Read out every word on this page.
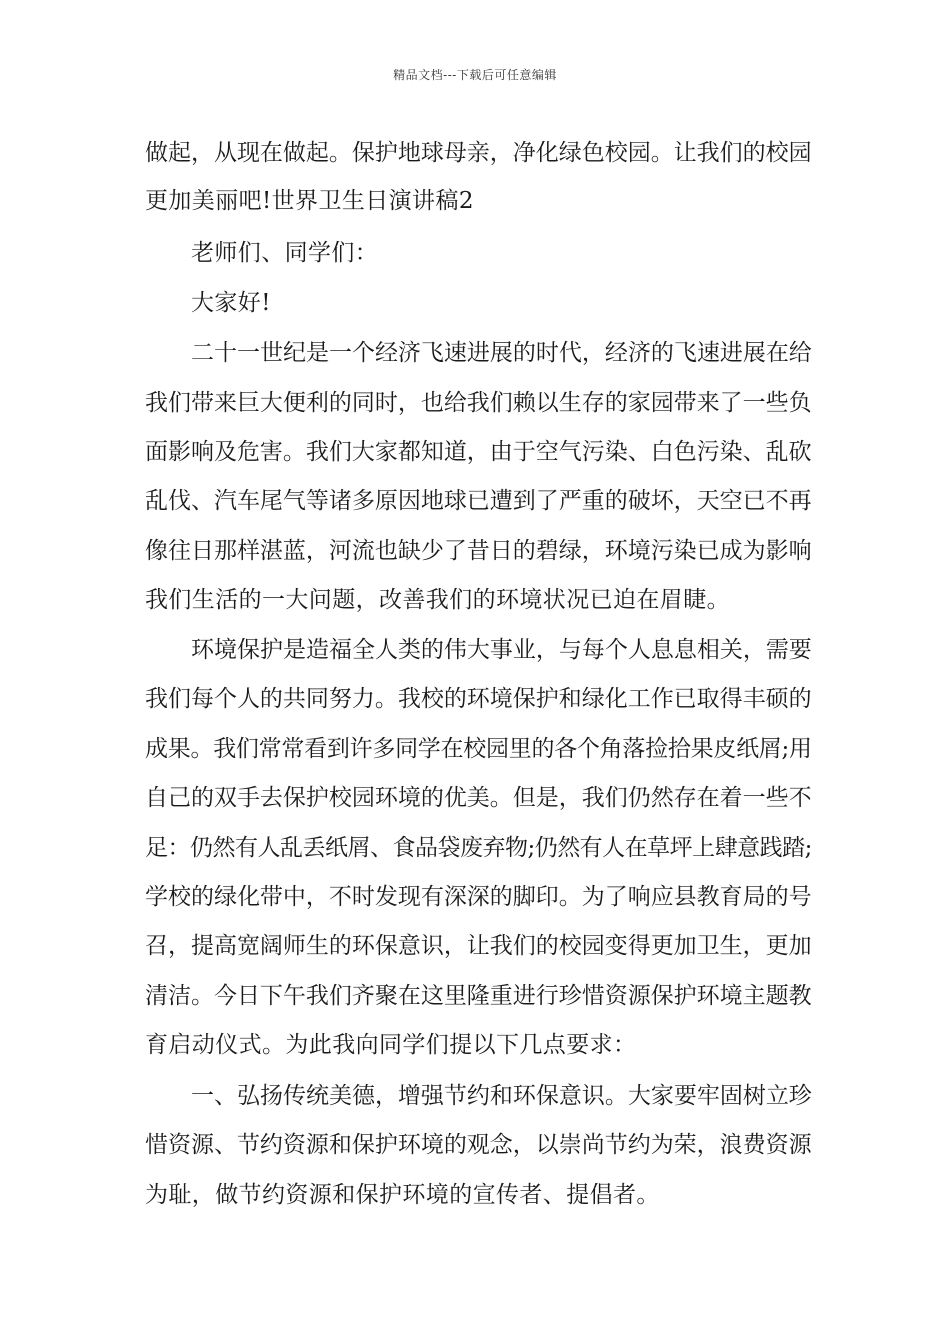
精品文档---下载后可任意编辑
做起，从现在做起。保护地球母亲，净化绿色校园。让我们的校园
更加美丽吧!世界卫生日演讲稿2
老师们、同学们：
大家好!
二十一世纪是一个经济飞速进展的时代，经济的飞速进展在给
我们带来巨大便利的同时，也给我们赖以生存的家园带来了一些负
面影响及危害。我们大家都知道，由于空气污染、白色污染、乱砍
乱伐、汽车尾气等诸多原因地球已遭到了严重的破坏，天空已不再
像往日那样湛蓝，河流也缺少了昔日的碧绿，环境污染已成为影响
我们生活的一大问题，改善我们的环境状况已迫在眉睫。
环境保护是造福全人类的伟大事业，与每个人息息相关，需要
我们每个人的共同努力。我校的环境保护和绿化工作已取得丰硕的
成果。我们常常看到许多同学在校园里的各个角落捡拾果皮纸屑;用
自己的双手去保护校园环境的优美。但是，我们仍然存在着一些不
足：仍然有人乱丢纸屑、食品袋废弃物;仍然有人在草坪上肆意践踏;
学校的绿化带中，不时发现有深深的脚印。为了响应县教育局的号
召，提高宽阔师生的环保意识，让我们的校园变得更加卫生，更加
清洁。今日下午我们齐聚在这里隆重进行珍惜资源保护环境主题教
育启动仪式。为此我向同学们提以下几点要求：
一、弘扬传统美德，增强节约和环保意识。大家要牢固树立珍
惜资源、节约资源和保护环境的观念，以崇尚节约为荣，浪费资源
为耻，做节约资源和保护环境的宣传者、提倡者。
